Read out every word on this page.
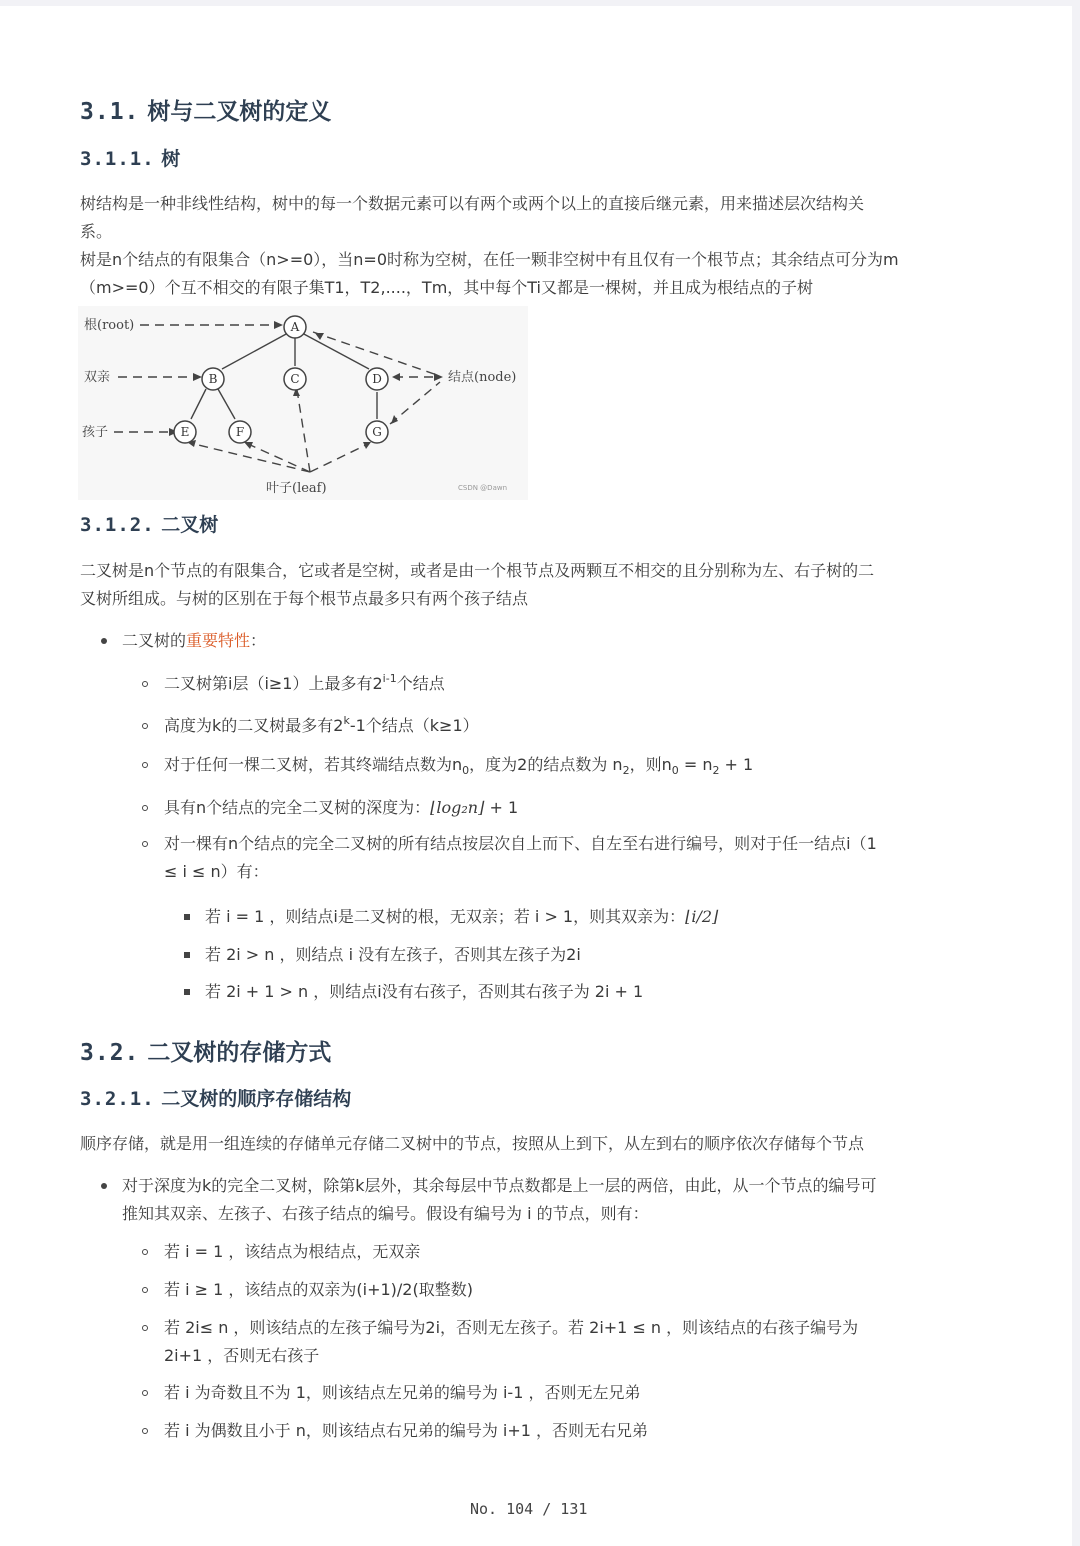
3.1. 树与二叉树的定义
3.1.1. 树
树结构是一种非线性结构，树中的每一个数据元素可以有两个或两个以上的直接后继元素，用来描述层次结构关
系。
树是n个结点的有限集合（n>=0），当n=0时称为空树，在任一颗非空树中有且仅有一个根节点；其余结点可分为m
（m>=0）个互不相交的有限子集T1，T2,....，Tm，其中每个Ti又都是一棵树，并且成为根结点的子树
A
B	C	D
E	F	G
根(root)
双亲
孩子
结点(node)
叶子(leaf)	CSDN @Dawn
3.1.2. 二叉树
二叉树是n个节点的有限集合，它或者是空树，或者是由一个根节点及两颗互不相交的且分别称为左、右子树的二
叉树所组成。与树的区别在于每个根节点最多只有两个孩子结点
二叉树的重要特性：
二叉树第i层（i≥1）上最多有2$^{i-1}$个结点
高度为k的二叉树最多有2$^k$-1个结点（k≥1）
对于任何一棵二叉树，若其终端结点数为$n_0$，度为2的结点数为 $n_2$，则$n_0 = n_2 + 1$
具有n个结点的完全二叉树的深度为：⌊log₂n⌋ + 1
对一棵有n个结点的完全二叉树的所有结点按层次自上而下、自左至右进行编号，则对于任一结点i（1
≤ i ≤ n）有：
若 i = 1 ，则结点i是二叉树的根，无双亲；若 i > 1，则其双亲为：⌊i/2⌋
若 2i > n ，则结点 i 没有左孩子，否则其左孩子为2i
若 2i + 1 > n ，则结点i没有右孩子，否则其右孩子为 2i + 1
3.2. 二叉树的存储方式
3.2.1. 二叉树的顺序存储结构
顺序存储，就是用一组连续的存储单元存储二叉树中的节点，按照从上到下，从左到右的顺序依次存储每个节点
对于深度为k的完全二叉树，除第k层外，其余每层中节点数都是上一层的两倍，由此，从一个节点的编号可
推知其双亲、左孩子、右孩子结点的编号。假设有编号为 i 的节点，则有：
若 i = 1 ，该结点为根结点，无双亲
若 i ≥ 1 ，该结点的双亲为(i+1)/2(取整数)
若 2i≤ n ，则该结点的左孩子编号为2i，否则无左孩子。若 2i+1 ≤ n ，则该结点的右孩子编号为
2i+1 ，否则无右孩子
若 i 为奇数且不为 1，则该结点左兄弟的编号为 i-1 ，否则无左兄弟
若 i 为偶数且小于 n，则该结点右兄弟的编号为 i+1 ，否则无右兄弟
No. 104 / 131
